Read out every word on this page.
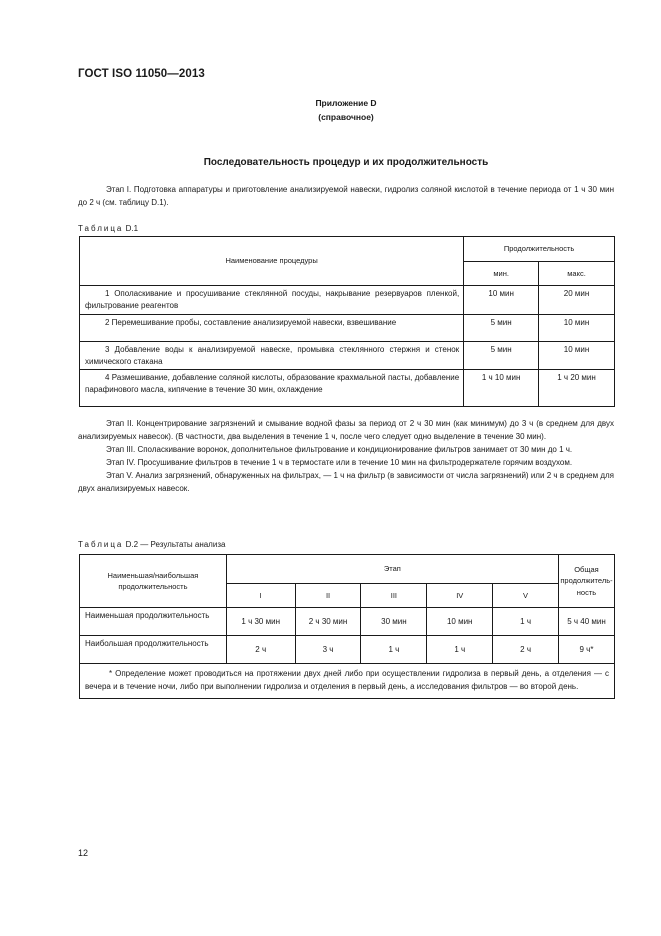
ГОСТ ISO 11050—2013
Приложение D
(справочное)
Последовательность процедур и их продолжительность
Этап I. Подготовка аппаратуры и приготовление анализируемой навески, гидролиз соляной кислотой в течение периода от 1 ч 30 мин до 2 ч (см. таблицу D.1).
Таблица D.1
Наименование процедуры	Продолжительность	
	мин.	макс.
1 Ополаскивание и просушивание стеклянной посуды, накрывание резервуаров пленкой, фильтрование реагентов	10 мин	20 мин
2 Перемешивание пробы, составление анализируемой навески, взвешивание	5 мин	10 мин
3 Добавление воды к анализируемой навеске, промывка стеклянного стержня и стенок химического стакана	5 мин	10 мин
4 Размешивание, добавление соляной кислоты, образование крахмальной пасты, добавление парафинового масла, кипячение в течение 30 мин, охлаждение	1 ч 10 мин	1 ч 20 мин

Этап II. Концентрирование загрязнений и смывание водной фазы за период от 2 ч 30 мин (как минимум) до 3 ч (в среднем для двух анализируемых навесок). (В частности, два выделения в течение 1 ч, после чего следует одно выделение в течение 30 мин).

Этап III. Споласкивание воронок, дополнительное фильтрование и кондиционирование фильтров занимает от 30 мин до 1 ч.

Этап IV. Просушивание фильтров в течение 1 ч в термостате или в течение 10 мин на фильтродержателе горячим воздухом.

Этап V. Анализ загрязнений, обнаруженных на фильтрах, — 1 ч на фильтр (в зависимости от числа загрязнений) или 2 ч в среднем для двух анализируемых навесок.

Таблица D.2 — Результаты анализа
Наименьшая/наибольшая продолжительность	Этап					Общая продолжитель-ность
	I	II	III	IV	V	
Наименьшая продолжительность	1 ч 30 мин	2 ч 30 мин	30 мин	10 мин	1 ч	5 ч 40 мин
Наибольшая продолжительность	2 ч	3 ч	1 ч	1 ч	2 ч	9 ч*
* Определение может проводиться на протяжении двух дней либо при осуществлении гидролиза в первый день, а отделения — с вечера и в течение ночи, либо при выполнении гидролиза и отделения в первый день, а исследования фильтров — во второй день.						
12
